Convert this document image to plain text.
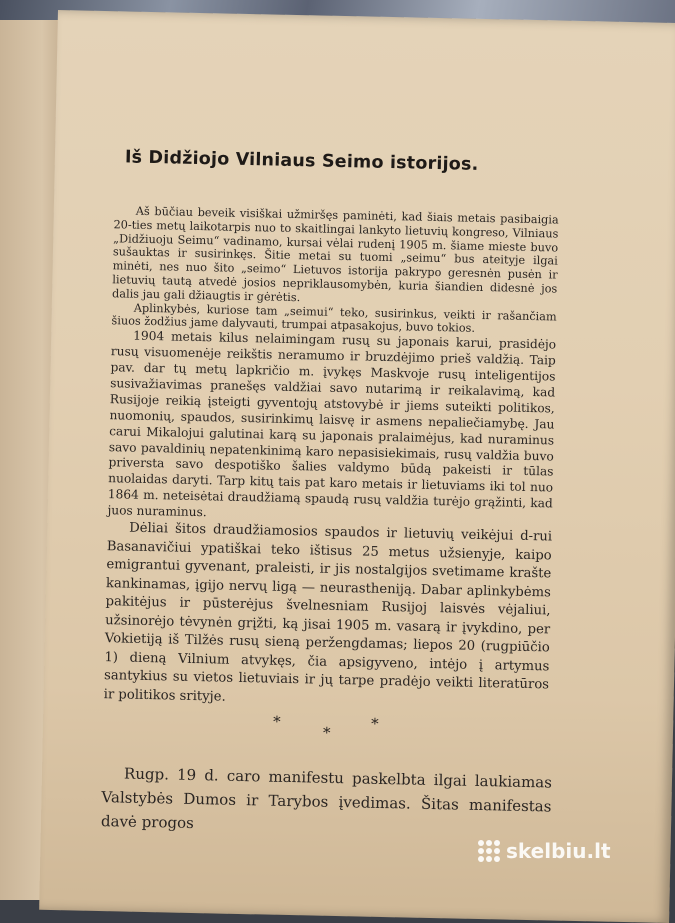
Iš Didžiojo Vilniaus Seimo istorijos.

Aš būčiau beveik visiškai užmiršęs paminėti, kad šiais metais pasibaigia 20-ties metų laikotarpis nuo to skaitlingai lankyto lietuvių kongreso, Vilniaus „Didžiuoju Seimu“ vadinamo, kursai vėlai rudenį 1905 m. šiame mieste buvo sušauktas ir susirinkęs. Šitie metai su tuomi „seimu“ bus ateityje ilgai minėti, nes nuo šito „seimo“ Lietuvos istorija pakrypo geresnėn pusėn ir lietuvių tautą atvedė josios nepriklausomybėn, kuria šiandien didesnė jos dalis jau gali džiaugtis ir gėrėtis.

Aplinkybės, kuriose tam „seimui“ teko, susirinkus, veikti ir rašančiam šiuos žodžius jame dalyvauti, trumpai atpasakojus, buvo tokios.

1904 metais kilus nelaimingam rusų su japonais karui, prasidėjo rusų visuomenėje reikštis neramumo ir bruzdėjimo prieš valdžią. Taip pav. dar tų metų lapkričio m. įvykęs Maskvoje rusų inteligentijos susivažiavimas pranešęs valdžiai savo nutarimą ir reikalavimą, kad Rusijoje reikią įsteigti gyventojų atstovybė ir jiems suteikti politikos, nuomonių, spaudos, susirinkimų laisvę ir asmens nepaliečiamybę. Jau carui Mikalojui galutinai karą su japonais pralaimėjus, kad nuraminus savo pavaldinių nepatenkinimą karo nepasisiekimais, rusų valdžia buvo priversta savo despotiško šalies valdymo būdą pakeisti ir tūlas nuolaidas daryti. Tarp kitų tais pat karo metais ir lietuviams iki tol nuo 1864 m. neteisėtai draudžiamą spaudą rusų valdžia turėjo grąžinti, kad juos nuraminus.

Dėliai šitos draudžiamosios spaudos ir lietuvių veikėjui d-rui Basanavičiui ypatiškai teko ištisus 25 metus užsienyje, kaipo emigrantui gyvenant, praleisti, ir jis nostalgijos svetimame krašte kankinamas, įgijo nervų ligą — neurastheniją. Dabar aplinkybėms pakitėjus ir pūsterėjus švelnesniam Rusijoj laisvės vėjaliui, užsinorėjo tėvynėn grįžti, ką jisai 1905 m. vasarą ir įvykdino, per Vokietiją iš Tilžės rusų sieną peržengdamas; liepos 20 (rugpiūčio 1) dieną Vilnium atvykęs, čia apsigyveno, intėjo į artymus santykius su vietos lietuviais ir jų tarpe pradėjo veikti literatūros ir politikos srityje.

*
*	*

Rugp. 19 d. caro manifestu paskelbta ilgai laukiamas Valstybės Dumos ir Tarybos įvedimas. Šitas manifestas davė progos

skelbiu.lt
